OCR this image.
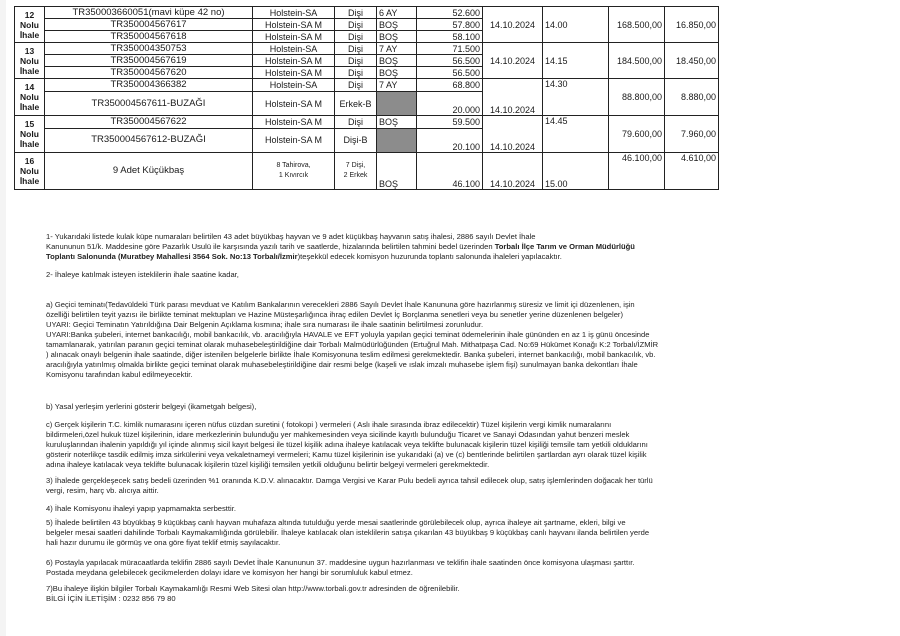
12
Nolu
İhale	TR350003660051(mavi küpe 42 no)	Holstein-SA	Dişi	6 AY	52.600	14.10.2024	14.00	168.500,00	16.850,00
	TR350004567617	Holstein-SA M	Dişi	BOŞ	57.800				
	TR350004567618	Holstein-SA M	Dişi	BOŞ	58.100				
13
Nolu
İhale	TR350004350753	Holstein-SA	Dişi	7 AY	71.500	14.10.2024	14.15	184.500,00	18.450,00
	TR350004567619	Holstein-SA M	Dişi	BOŞ	56.500				
	TR350004567620	Holstein-SA M	Dişi	BOŞ	56.500				
14
Nolu
İhale	TR350004366382	Holstein-SA	Dişi	7 AY	68.800	14.10.2024	14.30	88.800,00	8.880,00
	TR350004567611-BUZAĞI	Holstein-SA M	Erkek-B		20.000				
15
Nolu
İhale	TR350004567622	Holstein-SA M	Dişi	BOŞ	59.500	14.10.2024	14.45	79.600,00	7.960,00
	TR350004567612-BUZAĞI	Holstein-SA M	Dişi-B		20.100				
16
Nolu
İhale	9 Adet Küçükbaş	8 Tahirova,
1 Kıvırcık	7 Dişi,
2 Erkek	BOŞ	46.100	14.10.2024	15.00	46.100,00	4.610,00

1- Yukarıdaki listede kulak küpe numaraları belirtilen 43 adet büyükbaş hayvan ve 9 adet küçükbaş hayvanın satış ihalesi, 2886 sayılı Devlet İhale

Kanununun 51/k. Maddesine göre Pazarlık Usulü ile karşısında yazılı tarih ve saatlerde, hizalarında belirtilen tahmini bedel üzerinden Torbalı İlçe Tarım ve Orman Müdürlüğü

Toplantı Salonunda (Muratbey Mahallesi 3564 Sok. No:13 Torbalı/İzmir)teşekkül edecek komisyon huzurunda toplantı salonunda ihaleleri yapılacaktır.

2- İhaleye katılmak isteyen isteklilerin ihale saatine kadar,

a) Geçici teminatı(Tedavüldeki Türk parası mevduat ve Katılım Bankalarının verecekleri 2886 Sayılı Devlet İhale Kanununa göre hazırlanmış süresiz ve limit içi düzenlenen, işin

özelliği belirtilen teyit yazısı ile birlikte teminat mektupları ve Hazine Müsteşarlığınca ihraç edilen Devlet İç Borçlanma senetleri veya bu senetler yerine düzenlenen belgeler)

UYARI: Geçici Teminatın Yatırıldığına Dair Belgenin Açıklama kısmına; ihale sıra numarası ile ihale saatinin belirtilmesi zorunludur.

UYARI:Banka şubeleri, internet bankacılığı, mobil bankacılık, vb. aracılığıyla HAVALE ve EFT yoluyla yapılan geçici teminat ödemelerinin ihale gününden en az 1 iş günü öncesinde

tamamlanarak, yatırılan paranın geçici teminat olarak muhasebeleştirildiğine dair Torbalı Malmüdürlüğünden (Ertuğrul Mah. Mithatpaşa Cad. No:69 Hükümet Konağı K:2 Torbalı/İZMİR

) alınacak onaylı belgenin ihale saatinde, diğer istenilen belgelerle birlikte İhale Komisyonuna teslim edilmesi gerekmektedir. Banka şubeleri, internet bankacılığı, mobil bankacılık, vb.

aracılığıyla yatırılmış olmakla birlikte geçici teminat olarak muhasebeleştirildiğine dair resmi belge (kaşeli ve ıslak imzalı muhasebe işlem fişi) sunulmayan banka dekontları İhale

Komisyonu tarafından kabul edilmeyecektir.

b) Yasal yerleşim yerlerini gösterir belgeyi (ikametgah belgesi),

c) Gerçek kişilerin T.C. kimlik numarasını içeren nüfus cüzdan suretini ( fotokopi ) vermeleri ( Aslı ihale sırasında ibraz edilecektir) Tüzel kişilerin vergi kimlik numaralarını

bildirmeleri,özel hukuk tüzel kişilerinin, idare merkezlerinin bulunduğu yer mahkemesinden veya sicilinde kayıtlı bulunduğu Ticaret ve Sanayi Odasından yahut benzeri meslek

kuruluşlarından ihalenin yapıldığı yıl içinde alınmış sicil kayıt belgesi ile tüzel kişilik adına ihaleye katılacak veya teklifte bulunacak kişilerin tüzel kişiliği temsile tam yetkili olduklarını

gösterir noterlikçe tasdik edilmiş imza sirkülerini veya vekaletnameyi vermeleri; Kamu tüzel kişilerinin ise yukarıdaki (a) ve (c) bentlerinde belirtilen şartlardan ayrı olarak tüzel kişilik

adına ihaleye katılacak veya teklifte bulunacak kişilerin tüzel kişiliği temsilen yetkili olduğunu belirtir belgeyi vermeleri gerekmektedir.

3) İhalede gerçekleşecek satış bedeli üzerinden %1 oranında K.D.V. alınacaktır. Damga Vergisi ve Karar Pulu bedeli ayrıca tahsil edilecek olup, satış işlemlerinden doğacak her türlü

vergi, resim, harç vb. alıcıya aittir.

4) İhale Komisyonu ihaleyi yapıp yapmamakta serbesttir.

5) İhalede belirtilen 43 büyükbaş 9 küçükbaş canlı hayvan muhafaza altında tutulduğu yerde mesai saatlerinde görülebilecek olup, ayrıca ihaleye ait şartname, ekleri, bilgi ve

belgeler mesai saatleri dahilinde Torbalı Kaymakamlığında görülebilir. İhaleye katılacak olan isteklilerin satışa çıkarılan 43 büyükbaş 9 küçükbaş canlı hayvanı ilanda belirtilen yerde

hali hazır durumu ile görmüş ve ona göre fiyat teklif etmiş sayılacaktır.

6) Postayla yapılacak müracaatlarda teklifin 2886 sayılı Devlet İhale Kanununun 37. maddesine uygun hazırlanması ve teklifin ihale saatinden önce komisyona ulaşması şarttır.

Postada meydana gelebilecek gecikmelerden dolayı idare ve komisyon her hangi bir sorumluluk kabul etmez.

7)Bu ihaleye ilişkin bilgiler Torbalı Kaymakamlığı Resmi Web Sitesi olan http://www.torbali.gov.tr adresinden de öğrenilebilir.

BİLGİ İÇİN İLETİŞİM : 0232 856 79 80
